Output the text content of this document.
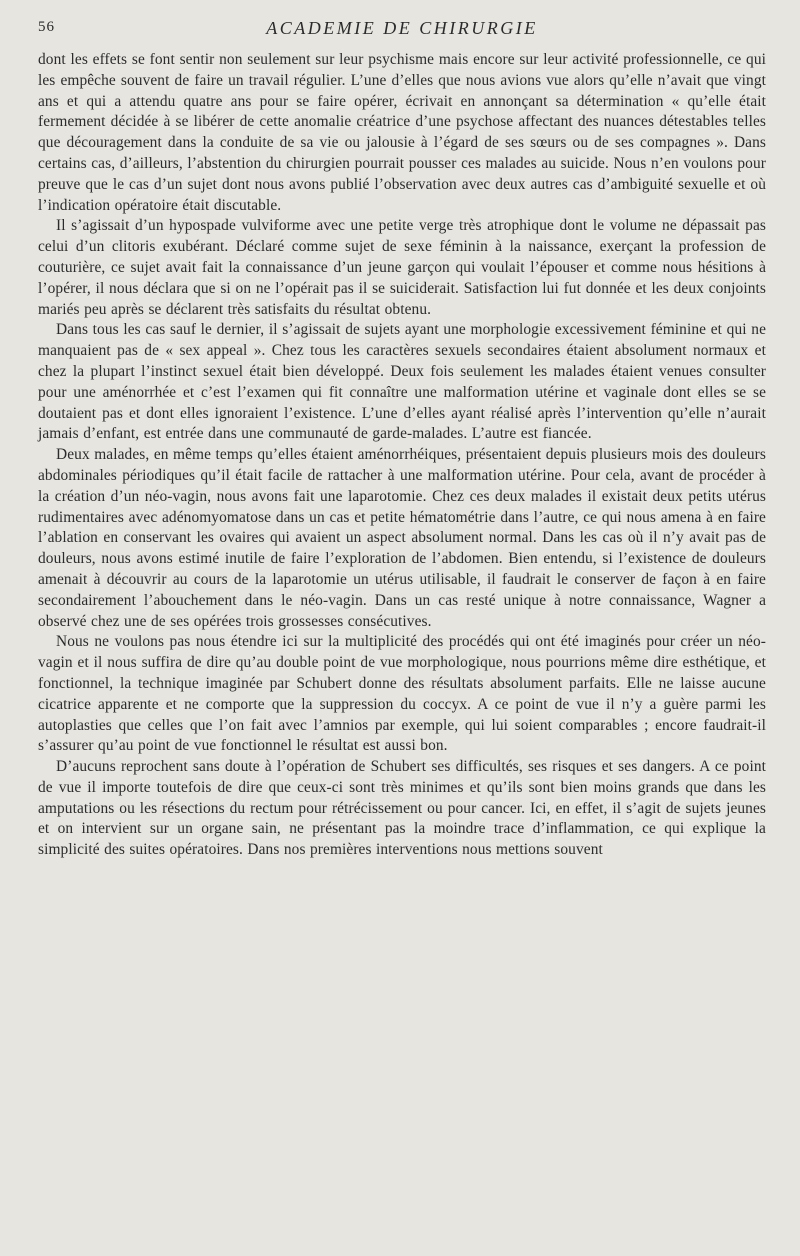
56	ACADEMIE DE CHIRURGIE

dont les effets se font sentir non seulement sur leur psychisme mais encore sur leur activité professionnelle, ce qui les empêche souvent de faire un travail régulier. L’une d’elles que nous avions vue alors qu’elle n’avait que vingt ans et qui a attendu quatre ans pour se faire opérer, écrivait en annonçant sa détermination « qu’elle était fermement décidée à se libérer de cette anomalie créatrice d’une psychose affectant des nuances détestables telles que découragement dans la conduite de sa vie ou jalousie à l’égard de ses sœurs ou de ses compagnes ». Dans certains cas, d’ailleurs, l’abstention du chirurgien pourrait pousser ces malades au suicide. Nous n’en voulons pour preuve que le cas d’un sujet dont nous avons publié l’observation avec deux autres cas d’ambiguité sexuelle et où l’indication opératoire était discutable.

Il s’agissait d’un hypospade vulviforme avec une petite verge très atrophique dont le volume ne dépassait pas celui d’un clitoris exubérant. Déclaré comme sujet de sexe féminin à la naissance, exerçant la profession de couturière, ce sujet avait fait la connaissance d’un jeune garçon qui voulait l’épouser et comme nous hésitions à l’opérer, il nous déclara que si on ne l’opérait pas il se suiciderait. Satisfaction lui fut donnée et les deux conjoints mariés peu après se déclarent très satisfaits du résultat obtenu.

Dans tous les cas sauf le dernier, il s’agissait de sujets ayant une morphologie excessivement féminine et qui ne manquaient pas de « sex appeal ». Chez tous les caractères sexuels secondaires étaient absolument normaux et chez la plupart l’instinct sexuel était bien développé. Deux fois seulement les malades étaient venues consulter pour une aménorrhée et c’est l’examen qui fit connaître une malformation utérine et vaginale dont elles se se doutaient pas et dont elles ignoraient l’existence. L’une d’elles ayant réalisé après l’intervention qu’elle n’aurait jamais d’enfant, est entrée dans une communauté de garde-malades. L’autre est fiancée.

Deux malades, en même temps qu’elles étaient aménorrhéiques, présentaient depuis plusieurs mois des douleurs abdominales périodiques qu’il était facile de rattacher à une malformation utérine. Pour cela, avant de procéder à la création d’un néo-vagin, nous avons fait une laparotomie. Chez ces deux malades il existait deux petits utérus rudimentaires avec adénomyomatose dans un cas et petite hématométrie dans l’autre, ce qui nous amena à en faire l’ablation en conservant les ovaires qui avaient un aspect absolument normal. Dans les cas où il n’y avait pas de douleurs, nous avons estimé inutile de faire l’exploration de l’abdomen. Bien entendu, si l’existence de douleurs amenait à découvrir au cours de la laparotomie un utérus utilisable, il faudrait le conserver de façon à en faire secondairement l’abouchement dans le néo-vagin. Dans un cas resté unique à notre connaissance, Wagner a observé chez une de ses opérées trois grossesses consécutives.

Nous ne voulons pas nous étendre ici sur la multiplicité des procédés qui ont été imaginés pour créer un néo-vagin et il nous suffira de dire qu’au double point de vue morphologique, nous pourrions même dire esthétique, et fonctionnel, la technique imaginée par Schubert donne des résultats absolument parfaits. Elle ne laisse aucune cicatrice apparente et ne comporte que la suppression du coccyx. A ce point de vue il n’y a guère parmi les autoplasties que celles que l’on fait avec l’amnios par exemple, qui lui soient comparables ; encore faudrait-il s’assurer qu’au point de vue fonctionnel le résultat est aussi bon.

D’aucuns reprochent sans doute à l’opération de Schubert ses difficultés, ses risques et ses dangers. A ce point de vue il importe toutefois de dire que ceux-ci sont très minimes et qu’ils sont bien moins grands que dans les amputations ou les résections du rectum pour rétrécissement ou pour cancer. Ici, en effet, il s’agit de sujets jeunes et on intervient sur un organe sain, ne présentant pas la moindre trace d’inflammation, ce qui explique la simplicité des suites opératoires. Dans nos premières interventions nous mettions souvent
